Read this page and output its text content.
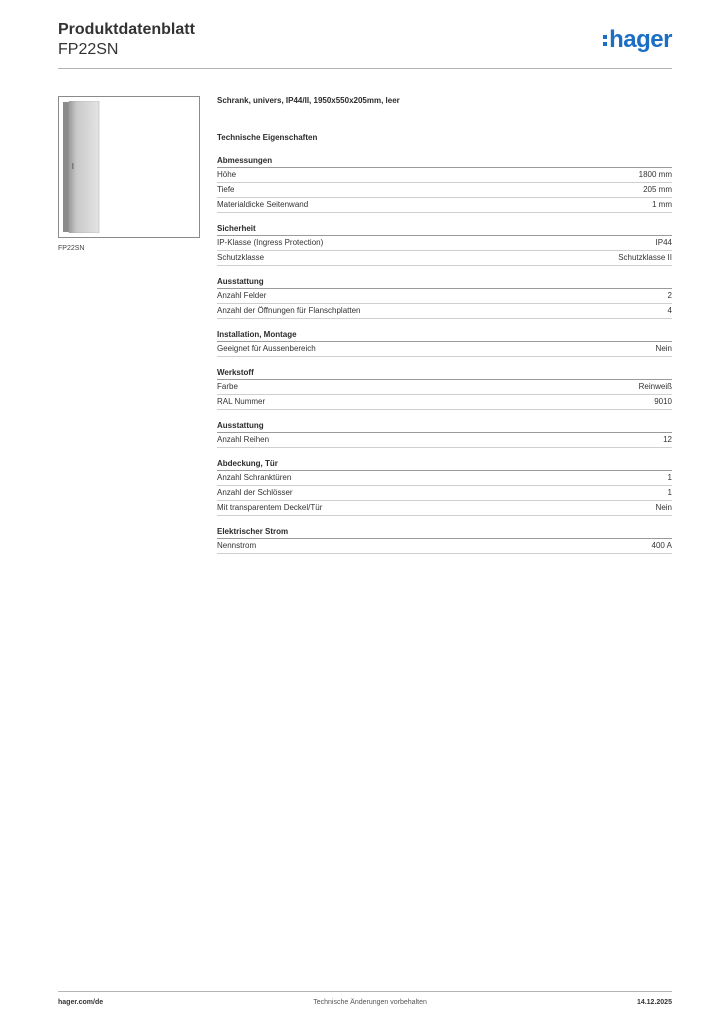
Produktdatenblatt
FP22SN	hager
FP22SN
Schrank, univers, IP44/II, 1950x550x205mm, leer
Technische Eigenschaften
Abmessungen
Höhe	1800 mm
Tiefe	205 mm
Materialdicke Seitenwand	1 mm
Sicherheit
IP-Klasse (Ingress Protection)	IP44
Schutzklasse	Schutzklasse II
Ausstattung
Anzahl Felder	2
Anzahl der Öffnungen für Flanschplatten	4
Installation, Montage
Geeignet für Aussenbereich	Nein
Werkstoff
Farbe	Reinweiß
RAL Nummer	9010
Ausstattung
Anzahl Reihen	12
Abdeckung, Tür
Anzahl Schranktüren	1
Anzahl der Schlösser	1
Mit transparentem Deckel/Tür	Nein
Elektrischer Strom
Nennstrom	400 A
hager.com/de	Technische Änderungen vorbehalten	14.12.2025
